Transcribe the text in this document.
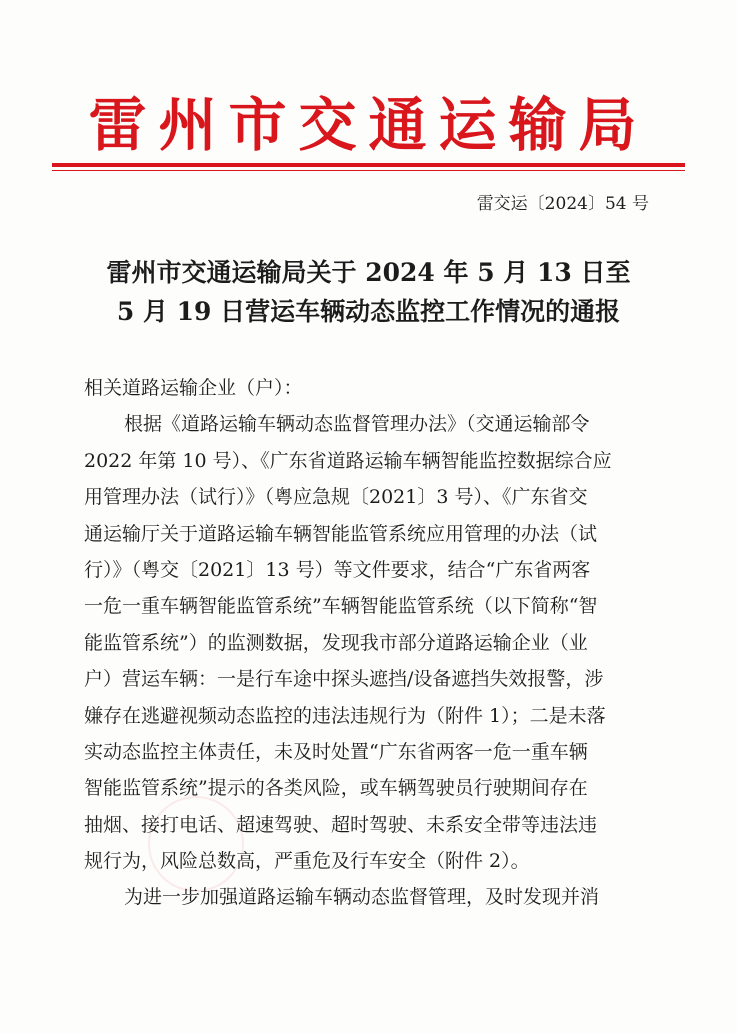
雷州市交通运输局
雷交运〔2024〕54 号
雷州市交通运输局关于 2024 年 5 月 13 日至
5 月 19 日营运车辆动态监控工作情况的通报
相关道路运输企业（户）：
根据《道路运输车辆动态监督管理办法》（交通运输部令
2022 年第 10 号）、《广东省道路运输车辆智能监控数据综合应
用管理办法（试行）》（粤应急规〔2021〕3 号）、《广东省交
通运输厅关于道路运输车辆智能监管系统应用管理的办法（试
行）》（粤交〔2021〕13 号）等文件要求，结合“广东省两客
一危一重车辆智能监管系统”车辆智能监管系统（以下简称“智
能监管系统”）的监测数据，发现我市部分道路运输企业（业
户）营运车辆：一是行车途中探头遮挡/设备遮挡失效报警，涉
嫌存在逃避视频动态监控的违法违规行为（附件 1）；二是未落
实动态监控主体责任，未及时处置“广东省两客一危一重车辆
智能监管系统”提示的各类风险，或车辆驾驶员行驶期间存在
抽烟、接打电话、超速驾驶、超时驾驶、未系安全带等违法违
规行为，风险总数高，严重危及行车安全（附件 2）。
为进一步加强道路运输车辆动态监督管理，及时发现并消
